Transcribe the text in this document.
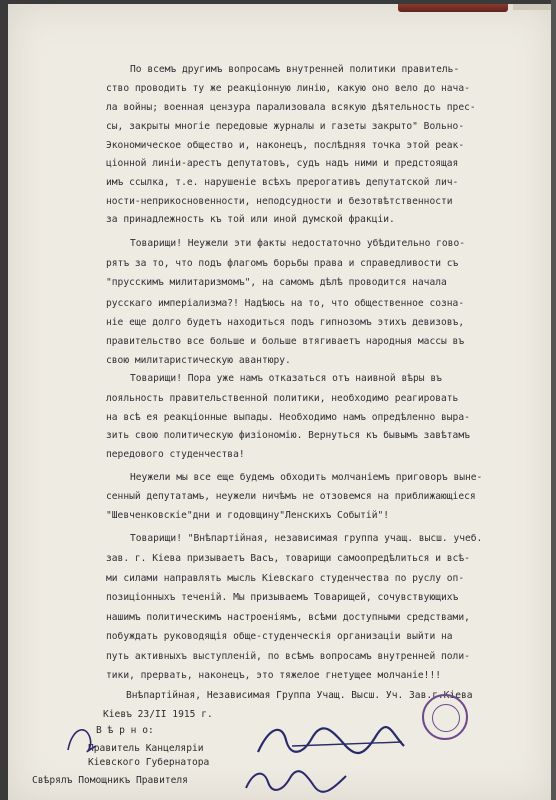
По всемъ другимъ вопросамъ внутренней политики правитель-
ство проводить ту же реакціонную линію, какую оно вело до нача-
ла войны; военная цензура парализовала всякую дѣятельность прес-
сы, закрыты многіе передовые журналы и газеты закрыто" Вольно-
Экономическое общество и, наконецъ, послѣдняя точка этой реак-
ціонной линіи-арестъ депутатовъ, судъ надъ ними и предстоящая
имъ ссылка, т.е. нарушеніе всѣхъ прерогативъ депутатской лич-
ности-неприкосновенности, неподсудности и безотвѣтственности
за принадлежность къ той или иной думской фракціи.
Товарищи! Неужели эти факты недостаточно убѣдительно гово-
рятъ за то, что подъ флагомъ борьбы права и справедливости съ
"прусскимъ милитаризмомъ", на самомъ дѣлѣ проводится начала
русскаго имперіализма?! Надѣюсь на то, что общественное созна-
ніе еще долго будетъ находиться подъ гипнозомъ этихъ девизовъ,
правительство все больше и больше втягиваетъ народныя массы въ
свою милитаристическую авантюру.
Товарищи! Пора уже намъ отказаться отъ наивной вѣры въ
лояльность правительственной политики, необходимо реагировать
на всѣ ея реакціонные выпады. Необходимо намъ опредѣленно выра-
зить свою политическую физіономію. Вернуться къ бывымъ завѣтамъ
передового студенчества!
Неужели мы все еще будемъ обходить молчаніемъ приговоръ вынe-
сенный депутатамъ, неужели ничѣмъ не отзовемся на приближающіеся
"Шевченковскіе"дни и годовщину"Ленскихъ Событій"!
Товарищи! "Внѣпартійная, независимая группа учащ. высш. учеб.
зав. г. Кіева призываетъ Васъ, товарищи самоопредѣлиться и всѣ-
ми силами направлять мысль Кіевскаго студенчества по руслу оп-
позиціонныхъ теченій. Мы призываемъ Товарищей, сочувствующихъ
нашимъ политическимъ настроеніямъ, всѣми доступными средствами,
побуждать руководящія обще-студенческія организаціи выйти на
путь активныхъ выступленій, по всѣмъ вопросамъ внутренней поли-
тики, прервать, наконецъ, это тяжелое гнетущее молчаніе!!!
Внѣпартійная, Независимая Группа Учащ. Высш. Уч. Зав.г.Кіева
Кіевъ 23/II 1915 г.
В ѣ р н о:
Правитель Канцеляріи
Кіевского Губернатора
Свѣрялъ Помощникъ Правителя
